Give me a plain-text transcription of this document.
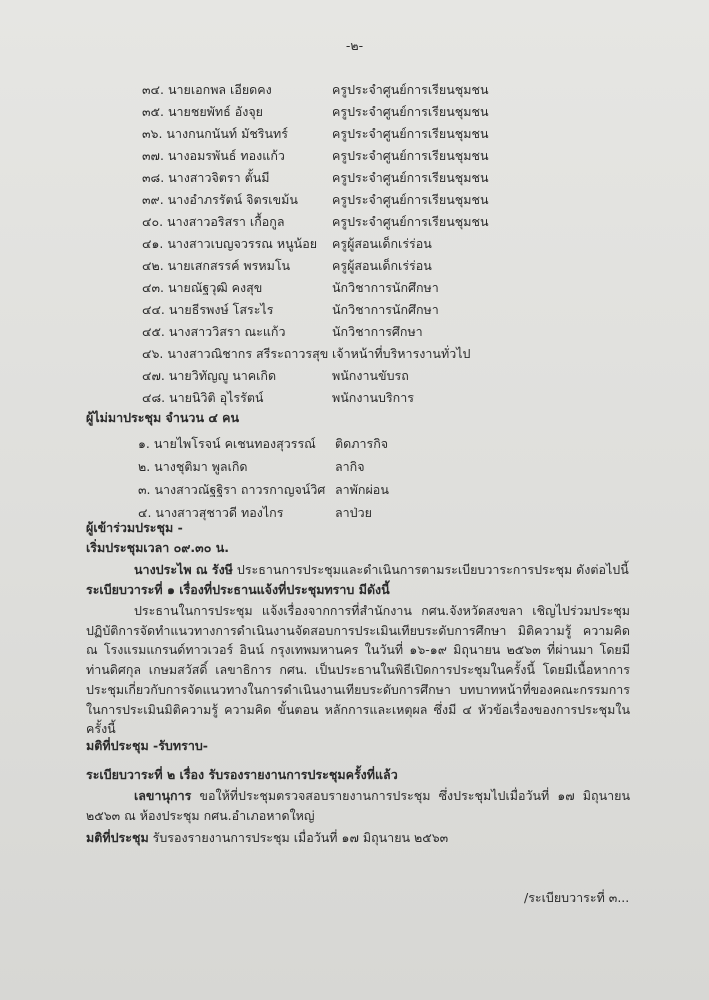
-๒-
๓๔. นายเอกพล เอียดคง	ครูประจำศูนย์การเรียนชุมชน
๓๕. นายชยพัทธ์ อังจุย	ครูประจำศูนย์การเรียนชุมชน
๓๖. นางกนกนันท์ มัชรินทร์	ครูประจำศูนย์การเรียนชุมชน
๓๗. นางอมรพันธ์ ทองแก้ว	ครูประจำศูนย์การเรียนชุมชน
๓๘. นางสาวจิตรา ตั้นมี	ครูประจำศูนย์การเรียนชุมชน
๓๙. นางอำภรรัตน์ จิตรเขม้น	ครูประจำศูนย์การเรียนชุมชน
๔๐. นางสาวอริสรา เกื้อกูล	ครูประจำศูนย์การเรียนชุมชน
๔๑. นางสาวเบญจวรรณ หนูน้อย ครูผู้สอนเด็กเร่ร่อน
๔๒. นายเสกสรรค์ พรหมโน	ครูผู้สอนเด็กเร่ร่อน
๔๓. นายณัฐวุฒิ คงสุข	นักวิชาการนักศึกษา
๔๔. นายธีรพงษ์ โสระไร	นักวิชาการนักศึกษา
๔๕. นางสาววิสรา ณะแก้ว	นักวิชาการศึกษา
๔๖. นางสาวณิชากร สรีระถาวรสุข เจ้าหน้าที่บริหารงานทั่วไป
๔๗. นายวิทัญญู นาคเกิด	พนักงานขับรถ
๔๘. นายนิวิติ อุไรรัตน์	พนักงานบริการ
ผู้ไม่มาประชุม จำนวน ๔ คน
๑. นายไพโรจน์ คเชนทองสุวรรณ์ ติดภารกิจ
๒. นางชุติมา พูลเกิด	ลากิจ
๓. นางสาวณัฐฐิรา ถาวรกาญจน์วิศ ลาพักผ่อน
๔. นางสาวสุชาวดี ทองไกร	ลาป่วย
ผู้เข้าร่วมประชุม -
เริ่มประชุมเวลา ๐๙.๓๐ น.
นางประไพ ณ รังษี ประธานการประชุมและดำเนินการตามระเบียบวาระการประชุม ดังต่อไปนี้
ระเบียบวาระที่ ๑ เรื่องที่ประธานแจ้งที่ประชุมทราบ มีดังนี้
ประธานในการประชุม แจ้งเรื่องจากการที่สำนักงาน กศน.จังหวัดสงขลา เชิญไปร่วมประชุมปฏิบัติการจัดทำแนวทางการดำเนินงานจัดสอบการประเมินเทียบระดับการศึกษา มิติความรู้ ความคิด ณ โรงแรมแกรนด์ทาวเวอร์ อินน์ กรุงเทพมหานคร ในวันที่ ๑๖-๑๙ มิถุนายน ๒๕๖๓ ที่ผ่านมา โดยมีท่านดิศกุล เกษมสวัสดิ์ เลขาธิการ กศน. เป็นประธานในพิธีเปิดการประชุมในครั้งนี้ โดยมีเนื้อหาการประชุมเกี่ยวกับการจัดแนวทางในการดำเนินงานเทียบระดับการศึกษา บทบาทหน้าที่ของคณะกรรมการในการประเมินมิติความรู้ ความคิด ขั้นตอน หลักการและเหตุผล ซึ่งมี ๔ หัวข้อเรื่องของการประชุมในครั้งนี้
มติที่ประชุม -รับทราบ-
ระเบียบวาระที่ ๒ เรื่อง รับรองรายงานการประชุมครั้งที่แล้ว
เลขานุการ ขอให้ที่ประชุมตรวจสอบรายงานการประชุม ซึ่งประชุมไปเมื่อวันที่ ๑๗ มิถุนายน ๒๕๖๓ ณ ห้องประชุม กศน.อำเภอหาดใหญ่
มติที่ประชุม รับรองรายงานการประชุม เมื่อวันที่ ๑๗ มิถุนายน ๒๕๖๓
/ระเบียบวาระที่ ๓...
